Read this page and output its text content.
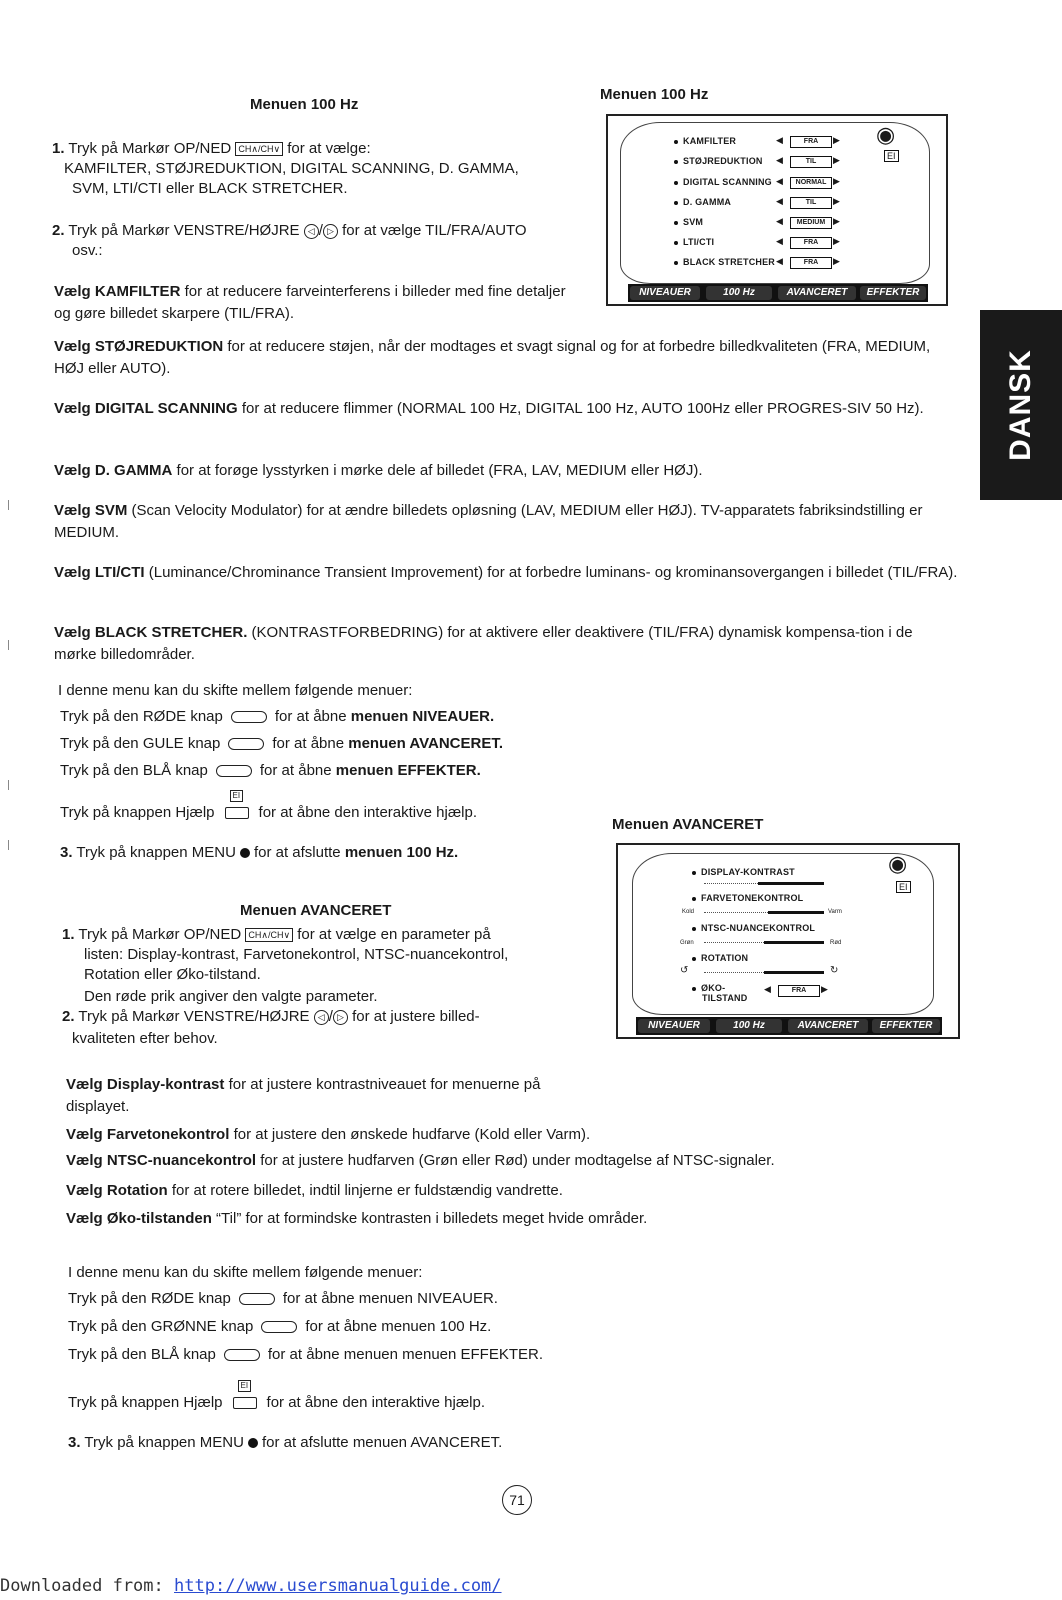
DANSK
Menuen 100 Hz
1. Tryk på Markør OP/NED CH∧/CH∨ for at vælge:
KAMFILTER, STØJREDUKTION, DIGITAL SCANNING, D. GAMMA,
SVM, LTI/CTI eller BLACK STRETCHER.
2. Tryk på Markør VENSTRE/HØJRE ◁ / ▷ for at vælge TIL/FRA/AUTO
osv.:

Vælg KAMFILTER for at reducere farveinterferens i billeder med fine detaljer og gøre billedet skarpere (TIL/FRA).

Vælg STØJREDUKTION for at reducere støjen, når der modtages et svagt signal og for at forbedre billedkvaliteten (FRA, MEDIUM, HØJ eller AUTO).

Vælg DIGITAL SCANNING for at reducere flimmer (NORMAL 100 Hz, DIGITAL 100 Hz, AUTO 100Hz eller PROGRES-SIV 50 Hz).

Vælg D. GAMMA for at forøge lysstyrken i mørke dele af billedet (FRA, LAV, MEDIUM eller HØJ).

Vælg SVM (Scan Velocity Modulator) for at ændre billedets opløsning (LAV, MEDIUM eller HØJ). TV-apparatets fabriksindstilling er MEDIUM.

Vælg LTI/CTI (Luminance/Chrominance Transient Improvement) for at forbedre luminans- og krominansovergangen i billedet (TIL/FRA).

Vælg BLACK STRETCHER. (KONTRASTFORBEDRING) for at aktivere eller deaktivere (TIL/FRA) dynamisk kompensa-tion i de mørke billedområder.

I denne menu kan du skifte mellem følgende menuer:
Tryk på den RØDE knap	for at åbne menuen NIVEAUER.
Tryk på den GULE knap	for at åbne menuen AVANCERET.
Tryk på den BLÅ knap	for at åbne menuen EFFEKTER.
Tryk på knappen Hjælp EI	for at åbne den interaktive hjælp.
3. Tryk på knappen MENU for at afslutte menuen 100 Hz.
Menuen 100 Hz
◉
EI
KAMFILTER	◀	FRA	▶
STØJREDUKTION ◀	TIL	▶
DIGITAL SCANNING ◀	NORMAL ▶
D. GAMMA	◀	TIL	▶
SVM	◀	MEDIUM ▶
LTI/CTI	◀	FRA	▶
BLACK STRETCHER ◀	FRA	▶
NIVEAUER	100 Hz	AVANCERET	EFFEKTER
Menuen AVANCERET
1. Tryk på Markør OP/NED CH∧/CH∨ for at vælge en parameter på
listen: Display-kontrast, Farvetonekontrol, NTSC-nuancekontrol,
Rotation eller Øko-tilstand.
Den røde prik angiver den valgte parameter.
2. Tryk på Markør VENSTRE/HØJRE ◁ / ▷ for at justere billed-
kvaliteten efter behov.

Vælg Display-kontrast for at justere kontrastniveauet for menuerne på displayet.

Vælg Farvetonekontrol for at justere den ønskede hudfarve (Kold eller Varm).

Vælg NTSC-nuancekontrol for at justere hudfarven (Grøn eller Rød) under modtagelse af NTSC-signaler.

Vælg Rotation for at rotere billedet, indtil linjerne er fuldstændig vandrette.

Vælg Øko-tilstanden “Til” for at formindske kontrasten i billedets meget hvide områder.

I denne menu kan du skifte mellem følgende menuer:
Tryk på den RØDE knap	for at åbne menuen NIVEAUER.
Tryk på den GRØNNE knap	for at åbne menuen 100 Hz.
Tryk på den BLÅ knap	for at åbne menuen menuen EFFEKTER.
Tryk på knappen Hjælp EI	for at åbne den interaktive hjælp.
3. Tryk på knappen MENU for at afslutte menuen AVANCERET.
Menuen AVANCERET
◉
EI
DISPLAY-KONTRAST
FARVETONEKONTROL
Kold	Varm
NTSC-NUANCEKONTROL
Grøn	Rød
ROTATION
↺	↻
ØKO-
TILSTAND
◀	FRA	▶
NIVEAUER	100 Hz	AVANCERET	EFFEKTER
71
Downloaded from: http://www.usersmanualguide.com/
